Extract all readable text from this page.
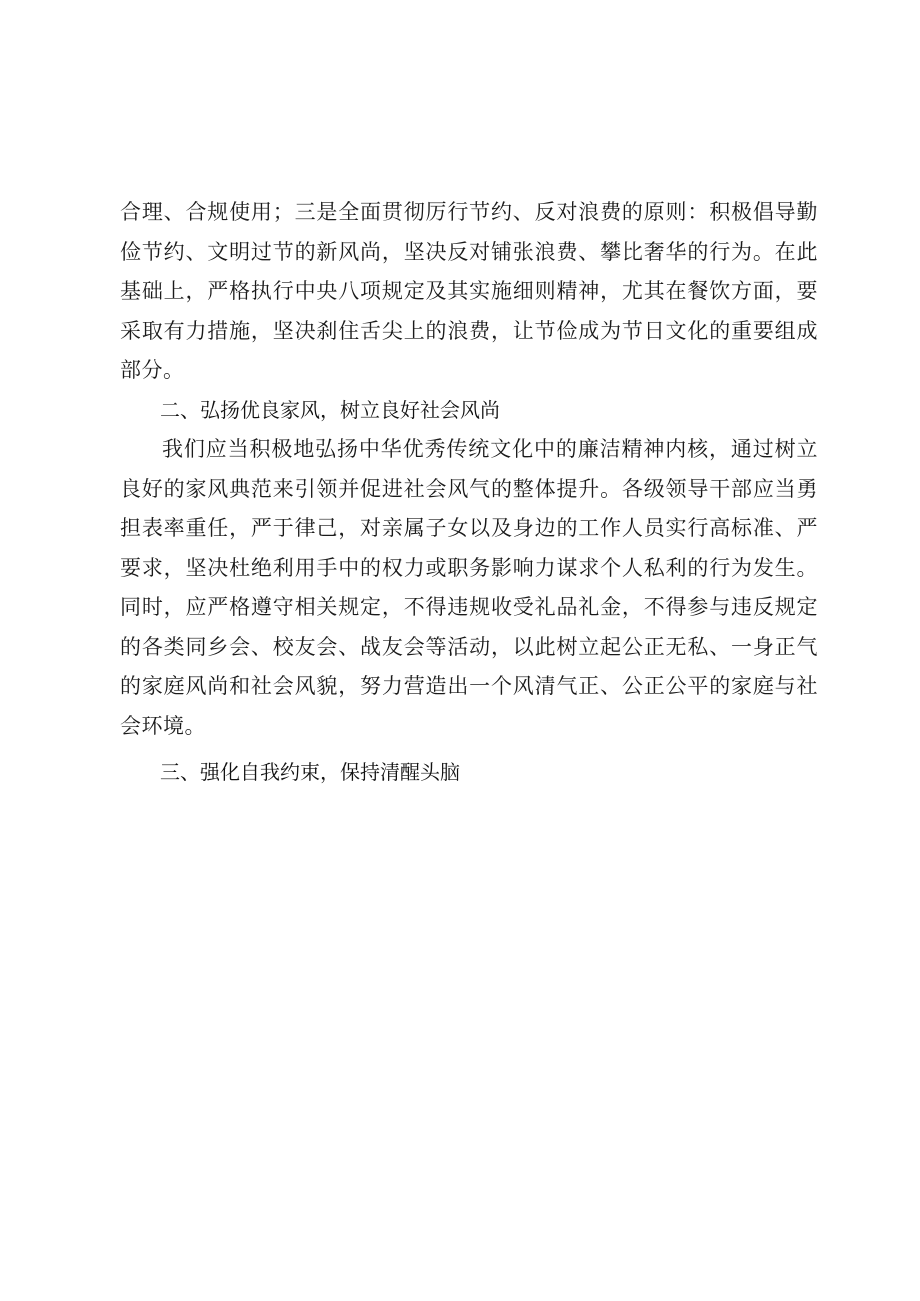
合理、合规使用；三是全面贯彻厉行节约、反对浪费的原则：积极倡导勤俭节约、文明过节的新风尚，坚决反对铺张浪费、攀比奢华的行为。在此基础上，严格执行中央八项规定及其实施细则精神，尤其在餐饮方面，要采取有力措施，坚决刹住舌尖上的浪费，让节俭成为节日文化的重要组成部分。

二、弘扬优良家风，树立良好社会风尚

我们应当积极地弘扬中华优秀传统文化中的廉洁精神内核，通过树立良好的家风典范来引领并促进社会风气的整体提升。各级领导干部应当勇担表率重任，严于律己，对亲属子女以及身边的工作人员实行高标准、严要求，坚决杜绝利用手中的权力或职务影响力谋求个人私利的行为发生。同时，应严格遵守相关规定，不得违规收受礼品礼金，不得参与违反规定的各类同乡会、校友会、战友会等活动，以此树立起公正无私、一身正气的家庭风尚和社会风貌，努力营造出一个风清气正、公正公平的家庭与社会环境。

三、强化自我约束，保持清醒头脑
